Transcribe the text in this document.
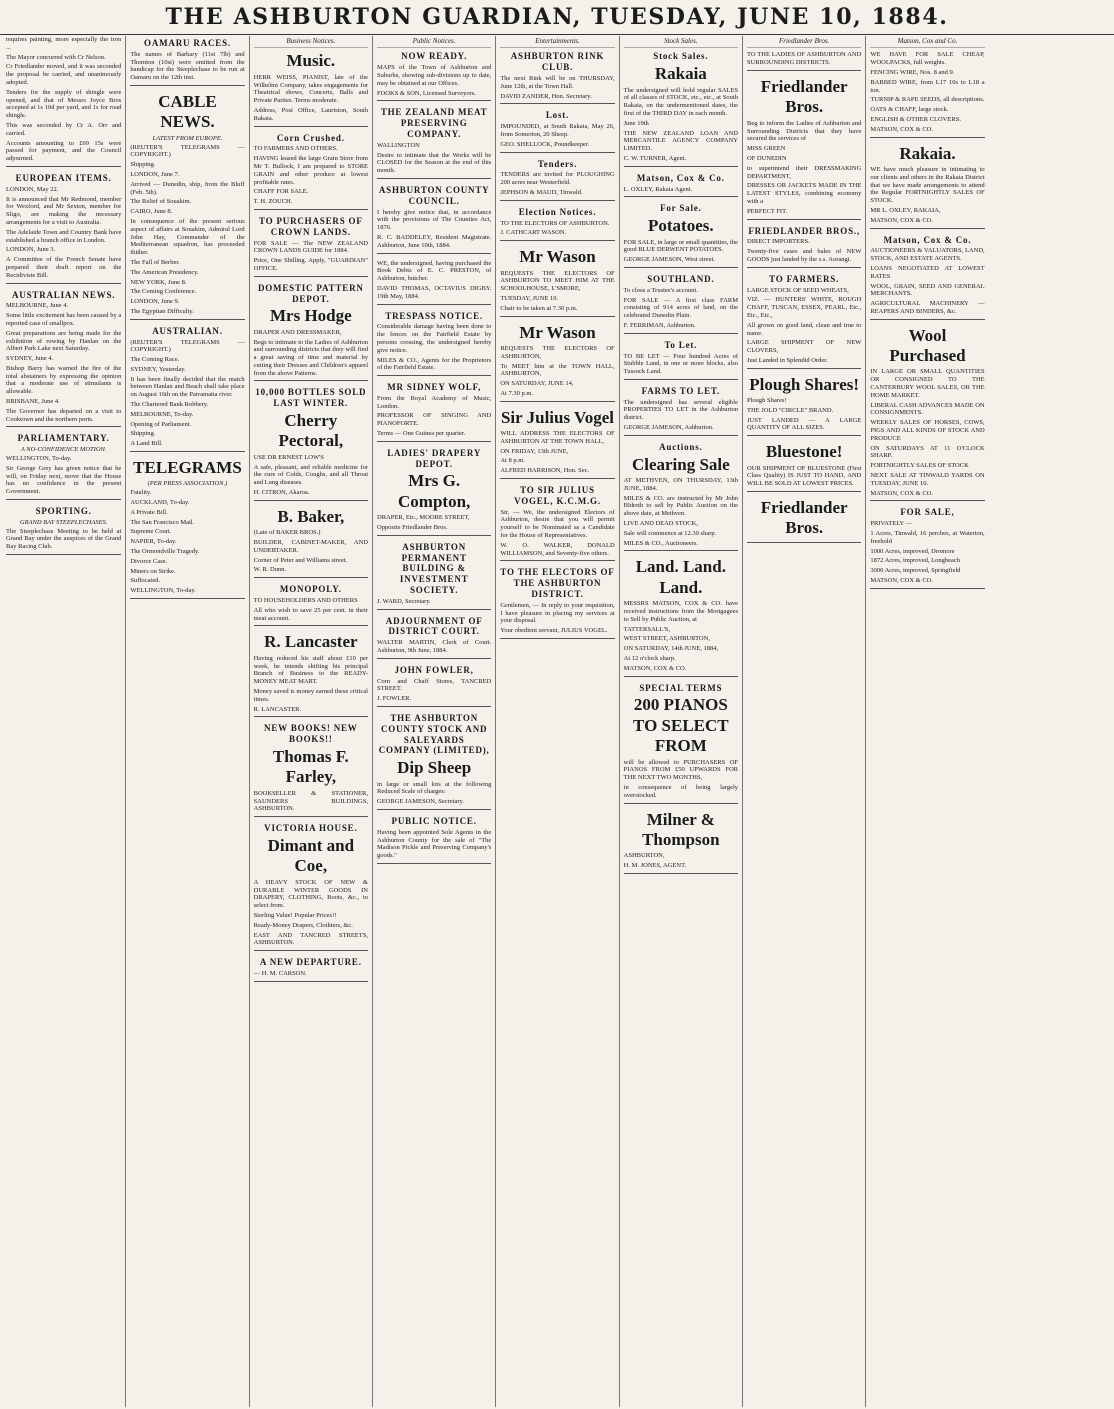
THE ASHBURTON GUARDIAN, TUESDAY, JUNE 10, 1884.

requires painting, more especially the iron ...

The Mayor concurred with Cr Nelson.

Cr Friedlander moved, and it was seconded the proposal be carried, and unanimously adopted.

Tenders for the supply of shingle were opened, and that of Messrs Joyce Bros accepted at 1s 10d per yard, and 1s for road shingle.

This was seconded by Cr A. Orr and carried.

Accounts amounting to £69 15s were passed for payment, and the Council adjourned.

EUROPEAN ITEMS.

LONDON, May 22.

It is announced that Mr Redmond, member for Wexford, and Mr Sexton, member for Sligo, are making the necessary arrangements for a visit to Australia.

The Adelaide Town and Country Bank have established a branch office in London.

LONDON, June 3.

A Committee of the French Senate have prepared their draft report on the Recidiviste Bill.

AUSTRALIAN NEWS.

MELBOURNE, June 4.

Some little excitement has been caused by a reported case of smallpox.

Great preparations are being made for the exhibition of rowing by Hanlan on the Albert Park Lake next Saturday.

SYDNEY, June 4.

Bishop Barry has warned the fire of the total abstainers by expressing the opinion that a moderate use of stimulants is allowable.

BRISBANE, June 4.

The Governor has departed on a visit to Cooktown and the northern ports.

PARLIAMENTARY.
A NO-CONFIDENCE MOTION.

WELLINGTON, To-day.

Sir George Grey has given notice that he will, on Friday next, move that the House has no confidence in the present Government.

SPORTING.
GRAND BAY STEEPLECHASES.

The Steeplechase Meeting to be held at Grand Bay under the auspices of the Grand Bay Racing Club.

OAMARU RACES.

The names of Barbary (11st 7lb) and Thornton (10st) were omitted from the handicap for the Steeplechase to be run at Oamaru on the 12th inst.

CABLE NEWS.
LATEST FROM EUROPE.

(REUTER'S TELEGRAMS — COPYRIGHT.)

Shipping.

LONDON, June 7.

Arrived — Dunedin, ship, from the Bluff (Feb. 5th).

The Relief of Souakim.

CAIRO, June 8.

In consequence of the present serious aspect of affairs at Souakim, Admiral Lord John Hay, Commander of the Mediterranean squadron, has proceeded thither.

The Fall of Berber.

The American Presidency.

NEW YORK, June 8.

The Coming Conference.

LONDON, June 9.

The Egyptian Difficulty.

AUSTRALIAN.

(REUTER'S TELEGRAMS — COPYRIGHT.)

The Coming Race.

SYDNEY, Yesterday.

It has been finally decided that the match between Hanlan and Beach shall take place on August 16th on the Parramatta river.

The Chartered Bank Robbery.

MELBOURNE, To-day.

Opening of Parliament.

Shipping.

A Land Bill.

TELEGRAMS
(PER PRESS ASSOCIATION.)

Fatality.

AUCKLAND, To-day.

A Private Bill.

The San Francisco Mail.

Supreme Court.

NAPIER, To-day.

The Ormondville Tragedy.

Divorce Case.

Miners on Strike.

Suffocated.

WELLINGTON, To-day.

Business Notices.
Music.

HERR WEISS, PIANIST, late of the Wilhelmi Company, takes engagements for Theatrical shows, Concerts, Balls and Private Parties. Terms moderate.

Address, Post Office, Lauriston, South Rakaia.

Corn Crushed.

TO FARMERS AND OTHERS.

HAVING leased the large Grain Store from Mr T. Bullock, I am prepared to STORE GRAIN and other produce at lowest profitable rates.

CHAFF FOR SALE.

T. H. ZOUCH.

TO PURCHASERS OF CROWN LANDS.

FOR SALE — The NEW ZEALAND CROWN LANDS GUIDE for 1884.

Price, One Shilling. Apply, "GUARDIAN" OFFICE.

DOMESTIC PATTERN DEPOT.
Mrs Hodge

DRAPER AND DRESSMAKER,

Begs to intimate to the Ladies of Ashburton and surrounding districts that they will find a great saving of time and material by cutting their Dresses and Children's apparel from the above Patterns.

10,000 BOTTLES SOLD LAST WINTER.
Cherry Pectoral,

USE DR ERNEST LOW'S

A safe, pleasant, and reliable medicine for the cure of Colds, Coughs, and all Throat and Lung diseases.

H. CITRON, Akaroa.

B. Baker,

(Late of BAKER BROS.)

BUILDER, CABINET-MAKER, AND UNDERTAKER.

Corner of Peter and Williams street.

W. R. Dunn.

MONOPOLY.

TO HOUSEHOLDERS AND OTHERS

All who wish to save 25 per cent. in their meat account.

R. Lancaster

Having reduced his staff about £10 per week, he intends shifting his principal Branch of Business to the READY-MONEY MEAT MART.

Money saved is money earned these critical times.

R. LANCASTER.

NEW BOOKS! NEW BOOKS!!
Thomas F. Farley,

BOOKSELLER & STATIONER, SAUNDERS BUILDINGS, ASHBURTON.

VICTORIA HOUSE.
Dimant and Coe,

A HEAVY STOCK OF NEW & DURABLE WINTER GOODS IN DRAPERY, CLOTHING, Boots, &c., to select from.

Sterling Value! Popular Prices!!

Ready-Money Drapers, Clothiers, &c.

EAST AND TANCRED STREETS, ASHBURTON.

A NEW DEPARTURE.

— H. M. CARSON.

Public Notices.
NOW READY.

MAPS of the Town of Ashburton and Suburbs, showing sub-divisions up to date, may be obtained at our Offices.

FOOKS & SON, Licensed Surveyors.

THE ZEALAND MEAT PRESERVING COMPANY.

WALLINGTON

Desire to intimate that the Works will be CLOSED for the Season at the end of this month.

ASHBURTON COUNTY COUNCIL.

I hereby give notice that, in accordance with the provisions of The Counties Act, 1876.

R. C. BADDELEY, Resident Magistrate. Ashburton, June 10th, 1884.

WE, the undersigned, having purchased the Book Debts of E. C. PRESTON, of Ashburton, butcher.

DAVID THOMAS, OCTAVIUS DIGBY. 19th May, 1884.

TRESPASS NOTICE.

Considerable damage having been done to the fences on the Fairfield Estate by persons crossing, the undersigned hereby give notice.

MILES & CO., Agents for the Proprietors of the Fairfield Estate.

MR SIDNEY WOLF,

From the Royal Academy of Music, London.

PROFESSOR OF SINGING AND PIANOFORTE.

Terms — One Guinea per quarter.

LADIES' DRAPERY DEPOT.
Mrs G. Compton,

DRAPER, Etc., MOORE STREET,

Opposite Friedlander Bros.

ASHBURTON PERMANENT BUILDING & INVESTMENT SOCIETY.

J. WARD, Secretary.

ADJOURNMENT OF DISTRICT COURT.

WALTER MARTIN, Clerk of Court. Ashburton, 9th June, 1884.

JOHN FOWLER,

Corn and Chaff Stores, TANCRED STREET.

J. FOWLER.

THE ASHBURTON COUNTY STOCK AND SALEYARDS COMPANY (LIMITED),
Dip Sheep

in large or small lots at the following Reduced Scale of charges:

GEORGE JAMESON, Secretary.

PUBLIC NOTICE.

Having been appointed Sole Agents in the Ashburton County for the sale of "The Madison Pickle and Preserving Company's goods."

Entertainments.
ASHBURTON RINK CLUB.

The next Rink will be on THURSDAY, June 12th, at the Town Hall.

DAVID ZANDER, Hon. Secretary.

Lost.

IMPOUNDED, at South Rakaia, May 26, from Somerton, 20 Sheep.

GEO. SHELLOCK, Poundkeeper.

Tenders.

TENDERS are invited for PLOUGHING 200 acres near Westerfield.

JEPHSON & MAUD, Tinwald.

Election Notices.

TO THE ELECTORS OF ASHBURTON.

J. CATHCART WASON.

Mr Wason

REQUESTS THE ELECTORS OF ASHBURTON TO MEET HIM AT THE SCHOOLHOUSE, L'SMORE,

TUESDAY, JUNE 10.

Chair to be taken at 7.30 p.m.

Mr Wason

REQUESTS THE ELECTORS OF ASHBURTON,

To MEET him at the TOWN HALL, ASHBURTON,

ON SATURDAY, JUNE 14,

At 7.30 p.m.

Sir Julius Vogel

WILL ADDRESS THE ELECTORS OF ASHBURTON AT THE TOWN HALL,

ON FRIDAY, 13th JUNE,

At 8 p.m.

ALFRED HARRISON, Hon. Sec.

TO SIR JULIUS VOGEL, K.C.M.G.

Sir, — We, the undersigned Electors of Ashburton, desire that you will permit yourself to be Nominated as a Candidate for the House of Representatives.

W. O. WALKER, DONALD WILLIAMSON, and Seventy-five others.

TO THE ELECTORS OF THE ASHBURTON DISTRICT.

Gentlemen, — In reply to your requisition, I have pleasure in placing my services at your disposal.

Your obedient servant, JULIUS VOGEL.

Stock Sales.
Stock Sales.
Rakaia

The undersigned will hold regular SALES of all classes of STOCK, etc., etc., at South Rakaia, on the undermentioned dates, the first of the THIRD DAY in each month.

June 19th

THE NEW ZEALAND LOAN AND MERCANTILE AGENCY COMPANY LIMITED.

C. W. TURNER, Agent.

Matson, Cox & Co.

L. OXLEY, Rakaia Agent.

For Sale.
Potatoes.

FOR SALE, in large or small quantities, the good BLUE DERWENT POTATOES.

GEORGE JAMESON, West street.

SOUTHLAND.

To close a Trustee's account.

FOR SALE — A first class FARM consisting of 914 acres of land, on the celebrated Dunedin Plain.

F. FERRIMAN, Ashburton.

To Let.

TO BE LET — Four hundred Acres of Stubble Land, in one or more blocks, also Tussock Land.

FARMS TO LET.

The undersigned has several eligible PROPERTIES TO LET in the Ashburton district.

GEORGE JAMESON, Ashburton.

Auctions.
Clearing Sale

AT METHVEN, ON THURSDAY, 13th JUNE, 1884.

MILES & CO. are instructed by Mr John Bldreth to sell by Public Auction on the above date, at Methven.

LIVE AND DEAD STOCK,

Sale will commence at 12.30 sharp.

MILES & CO., Auctioneers.

Land. Land. Land.

MESSRS MATSON, COX & CO. have received instructions from the Mortgagees to Sell by Public Auction, at

TATTERSALL'S,

WEST STREET, ASHBURTON,

ON SATURDAY, 14th JUNE, 1884,

At 12 o'clock sharp.

MATSON, COX & CO.

SPECIAL TERMS
200 PIANOS TO SELECT FROM

will be allowed to PURCHASERS OF PIANOS FROM £50 UPWARDS FOR THE NEXT TWO MONTHS,

in consequence of being largely overstocked.

Milner & Thompson

ASHBURTON,

H. M. JONES, AGENT.

Friedlander Bros.

TO THE LADIES OF ASHBURTON AND SURROUNDING DISTRICTS.

Friedlander Bros.

Beg to inform the Ladies of Ashburton and Surrounding Districts that they have secured the services of

MISS GREEN

OF DUNEDIN

to superintend their DRESSMAKING DEPARTMENT,

DRESSES OR JACKETS MADE IN THE LATEST STYLES, combining economy with a

PERFECT FIT.

FRIEDLANDER BROS.,

DIRECT IMPORTERS.

Twenty-five cases and bales of NEW GOODS just landed by the s.s. Aorangi.

TO FARMERS.

LARGE STOCK OF SEED WHEATS,

VIZ. — HUNTERS' WHITE, ROUGH CHAFF, TUSCAN, ESSEX, PEARL, Etc., Etc., Etc.,

All grown on good land, clean and true to name.

LARGE SHIPMENT OF NEW CLOVERS,

Just Landed in Splendid Order.

Plough Shares!

Plough Shares!

THE JOLD "CIRCLE" BRAND.

JUST LANDED — A LARGE QUANTITY OF ALL SIZES.

Bluestone!

OUR SHIPMENT OF BLUESTONE (First Class Quality) IS JUST TO HAND, AND WILL BE SOLD AT LOWEST PRICES.

Friedlander Bros.
Matson, Cox and Co.

WE HAVE FOR SALE CHEAP, WOOLPACKS, full weights.

FENCING WIRE, Nos. 8 and 9.

BARBED WIRE, from L17 10s to L18 a ton.

TURNIP & RAPE SEEDS, all descriptions.

OATS & CHAFF, large stock.

ENGLISH & OTHER CLOVERS.

MATSON, COX & CO.

Rakaia.

WE have much pleasure in intimating to our clients and others in the Rakaia District that we have made arrangements to attend the Regular FORTNIGHTLY SALES OF STOCK.

MR L. OXLEY, RAKAIA,

MATSON, COX & CO.

Matson, Cox & Co.

AUCTIONEERS & VALUATORS, LAND, STOCK, AND ESTATE AGENTS.

LOANS NEGOTIATED AT LOWEST RATES

WOOL, GRAIN, SEED AND GENERAL MERCHANTS.

AGRICULTURAL MACHINERY — REAPERS AND BINDERS, &c.

Wool Purchased

IN LARGE OR SMALL QUANTITIES OR CONSIGNED TO THE CANTERBURY WOOL SALES, OR THE HOME MARKET.

LIBERAL CASH ADVANCES MADE ON CONSIGNMENTS.

WEEKLY SALES OF HORSES, COWS, PIGS AND ALL KINDS OF STOCK AND PRODUCE

ON SATURDAYS AT 11 O'CLOCK SHARP.

FORTNIGHTLY SALES OF STOCK

NEXT SALE AT TINWALD YARDS ON TUESDAY, JUNE 10.

MATSON, COX & CO.

FOR SALE,

PRIVATELY —

1 Acres, Tinwald, 16 perches, at Waterton, freehold

1000 Acres, improved, Dromore

1872 Acres, improved, Longbeach

3000 Acres, improved, Springfield

MATSON, COX & CO.
